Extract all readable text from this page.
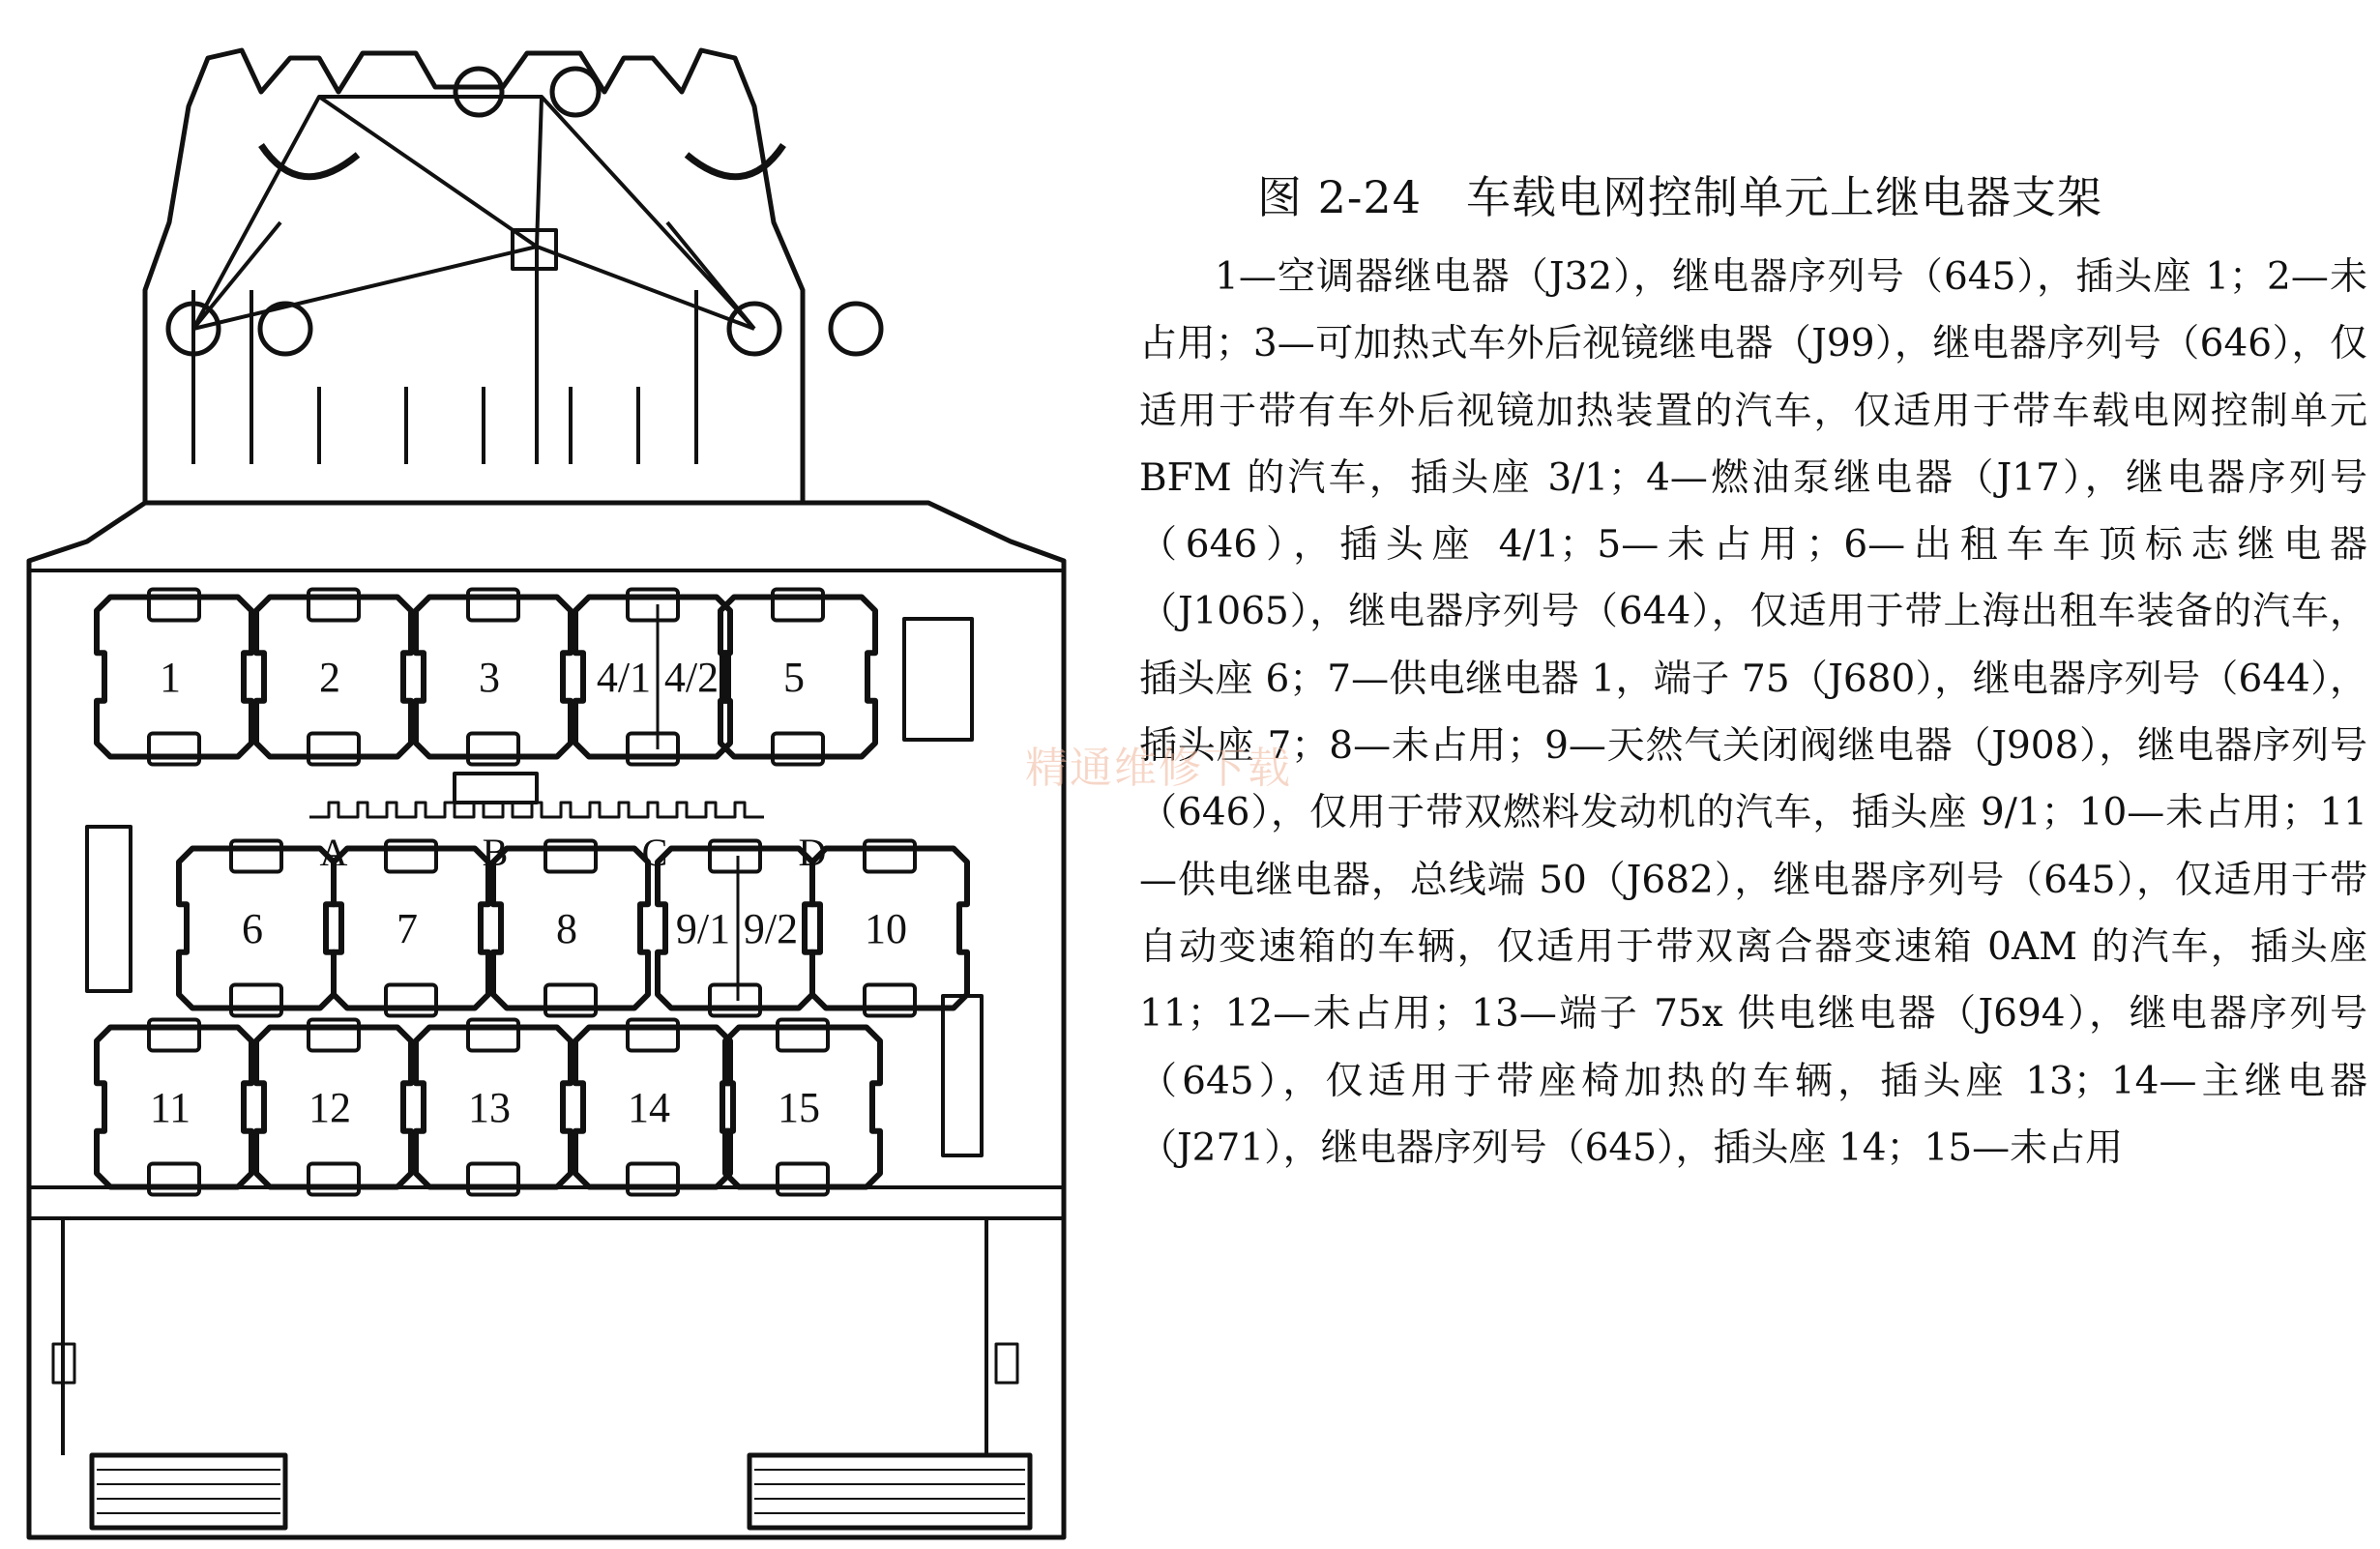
1	2	3	5
6	7	8	10
11	12	13	14	15
4/1 4/2
9/1 9/2
A	B	C	D
图 2-24 车载电网控制单元上继电器支架

1—空调器继电器（J32），继电器序列号（645），插头座 1；2—未占用；3—可加热式车外后视镜继电器（J99），继电器序列号（646），仅适用于带有车外后视镜加热装置的汽车，仅适用于带车载电网控制单元 BFM 的汽车，插头座 3/1；4—燃油泵继电器（J17），继电器序列号（646），插头座 4/1；5—未占用；6—出租车车顶标志继电器（J1065），继电器序列号（644），仅适用于带上海出租车装备的汽车，插头座 6；7—供电继电器 1，端子 75（J680），继电器序列号（644），插头座 7；8—未占用；9—天然气关闭阀继电器（J908），继电器序列号（646），仅用于带双燃料发动机的汽车，插头座 9/1；10—未占用；11—供电继电器，总线端 50（J682），继电器序列号（645），仅适用于带自动变速箱的车辆，仅适用于带双离合器变速箱 0AM 的汽车，插头座 11；12—未占用；13—端子 75x 供电继电器（J694），继电器序列号（645），仅适用于带座椅加热的车辆，插头座 13；14—主继电器（J271），继电器序列号（645），插头座 14；15—未占用

精通维修下载
